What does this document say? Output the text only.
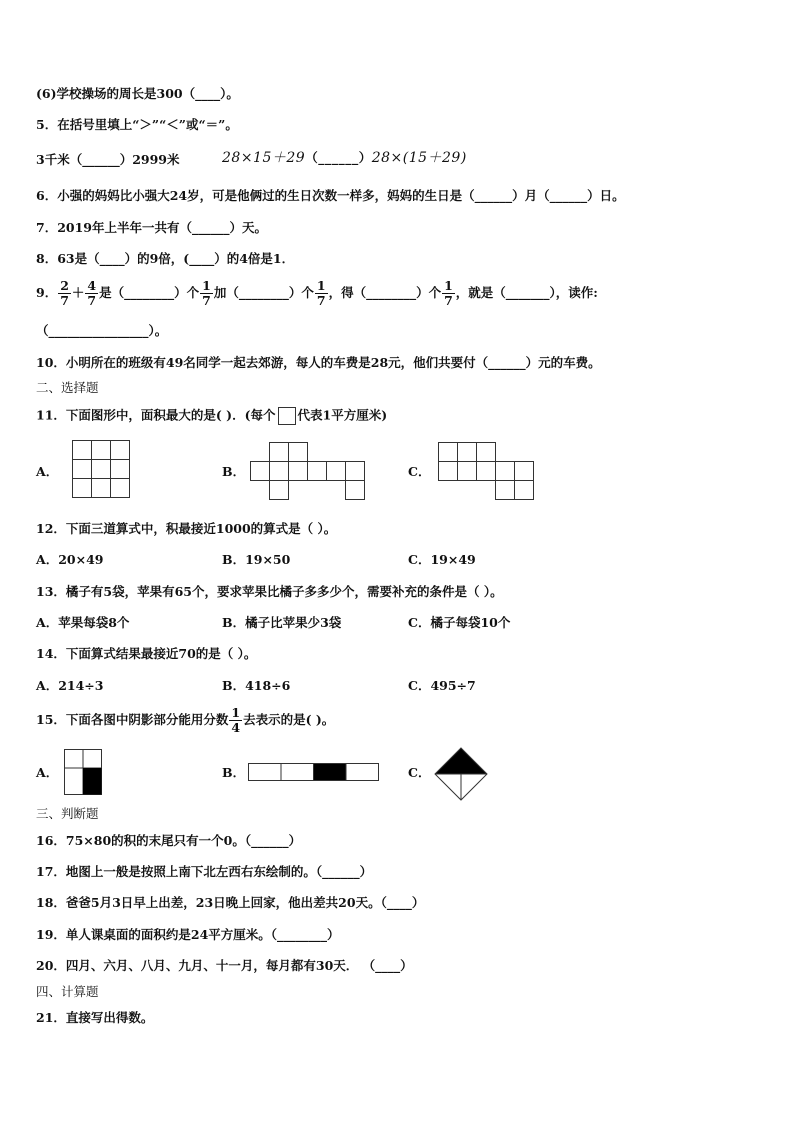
(6)学校操场的周长是300（____）。
5．在括号里填上“＞”“＜”或“＝”。
3千米（______）2999米	28×15＋29（______）28×(15＋29)
6．小强的妈妈比小强大24岁，可是他俩过的生日次数一样多，妈妈的生日是（______）月（______）日。
7．2019年上半年一共有（______）天。
8．63是（____）的9倍，(____）的4倍是1．
9． $\frac{2}{7} + \frac{4}{7}$ 是（________）个 $\frac{1}{7}$ 加（________）个 $\frac{1}{7}$ ，得（________）个 $\frac{1}{7}$ ，就是（_______），读作:
（________________）。
10．小明所在的班级有49名同学一起去郊游，每人的车费是28元，他们共要付（______）元的车费。
二、选择题
11．下面图形中，面积最大的是( )．(每个 代表1平方厘米)
A．	B．	C．
12．下面三道算式中，积最接近1000的算式是（ ）。
A．20×49	B．19×50	C．19×49
13．橘子有5袋，苹果有65个，要求苹果比橘子多多少个，需要补充的条件是（ ）。
A．苹果每袋8个	B．橘子比苹果少3袋	C．橘子每袋10个
14．下面算式结果最接近70的是（ ）。
A．214÷3	B．418÷6	C．495÷7
15．下面各图中阴影部分能用分数 $\frac{1}{4}$ 去表示的是( )。
A．	B．	C．
三、判断题
16．75×80的积的末尾只有一个0。（______）
17．地图上一般是按照上南下北左西右东绘制的。（______）
18．爸爸5月3日早上出差，23日晚上回家，他出差共20天。（____）
19．单人课桌面的面积约是24平方厘米。（________）
20．四月、六月、八月、九月、十一月，每月都有30天． （____）
四、计算题
21．直接写出得数。
